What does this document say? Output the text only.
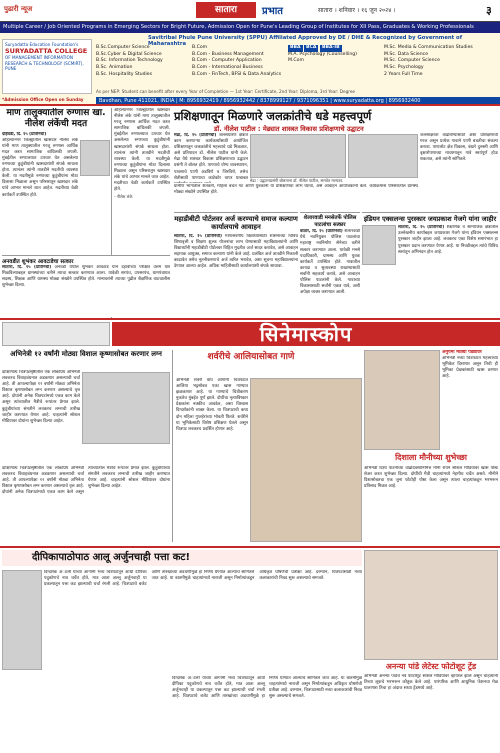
पुढारी न्यूज	सातारा	प्रभात	सातारा । शनिवार । १६ जून २०२४ ।	३
Multiple Career / Job Oriented Programs in Emerging Sectors for Bright Future, Admission Open for Pune's Leading Group of Institutes for XII Pass, Graduates & Working Professionals
Savitribai Phule Pune University (SPPU) Affiliated Approved by DE / DHE & Recognized by Government of Maharashtra
Suryadatta Education Foundation's
SURYADATTA COLLEGE
OF MANAGEMENT INFORMATION RESEARCH & TECHNOLOGY (SCMIRT), PUNE
B.Sc.Computer Science
B.Sc.Cyber & Digital Science
B.Sc. Information Technology
B.Sc. Animation
B.Sc. Hospitality Studies
B.Com
B.Com - Business Management
B.Com - Computer Application
B.Com - International Business
B.Com - FinTech, BFSI & Data Analytics
BBA BCA BBA-IB
M.A. Psychology (Counselling)
M.Com
M.Sc. Media & Communication Studies
M.Sc. Data Science
M.Sc. Computer Science
M.Sc. Psychology
2 Years Full Time
*Admission Office Open on Sunday
As per NEP: Student can benefit after every Year of Completion — 1st Year: Certificate, 2nd Year: Diploma, 3rd Year: Degree
Bavdhan, Pune 411021, INDIA | M: 8956932419 / 8956932442 / 8378999127 / 9371096351 | www.suryadatta.org | 8956932400
माण तालुक्यातील रुग्णास खा. नीलेश लंकेंची मदत
दहिवडी, दि. १५ (प्रतिनिधी)
अहिल्यानगर जिल्ह्यातील खासदार नीलेश लंके यांनी माण तालुक्यातील गरजू रुग्णास आर्थिक मदत करत सामाजिक बांधिलकी जपली. मुंबईतील रुग्णालयात उपचार घेत असलेल्या रुग्णाच्या कुटुंबीयांनी खासदारांशी संपर्क साधला होता. त्यानंतर त्यांनी तातडीने मदतीची व्यवस्था केली. या मदतीमुळे रुग्णाच्या कुटुंबीयांना मोठा दिलासा मिळाला असून परिसरातून खासदार लंके यांचे आभार मानले जात आहेत. मदतीच्या वेळी कार्यकर्ते उपस्थित होते.
अहिल्यानगर जिल्ह्यातील खासदार नीलेश लंके यांनी माण तालुक्यातील गरजू रुग्णास आर्थिक मदत करत सामाजिक बांधिलकी जपली. मुंबईतील रुग्णालयात उपचार घेत असलेल्या रुग्णाच्या कुटुंबीयांनी खासदारांशी संपर्क साधला होता. त्यानंतर त्यांनी तातडीने मदतीची व्यवस्था केली. या मदतीमुळे रुग्णाच्या कुटुंबीयांना मोठा दिलासा मिळाला असून परिसरातून खासदार लंके यांचे आभार मानले जात आहेत. मदतीच्या वेळी कार्यकर्ते उपस्थित होते.
- नीलेश लंके
अनवडीत शुभंकर आवटाडेचा सत्कार
सातारा, दि. १५ (प्रतिनिधी) अनवडी येथील शुभंकर आवटाडे याने दहावीच्या परीक्षेत उत्तम यश मिळविल्याबद्दल ग्रामस्थांच्या वतीने त्याचा सत्कार करण्यात आला. यावेळी सरपंच, उपसरपंच, ग्रामपंचायत सदस्य, शिक्षक आणि ग्रामस्थ मोठ्या संख्येने उपस्थित होते. मान्यवरांनी त्याच्या पुढील शैक्षणिक वाटचालीस शुभेच्छा दिल्या.
प्रशिक्षणातून मिळणारे जलक्रांतीचे धडे महत्त्वपूर्ण
डॉ. नीलेश पाटील : मेढ्यात शास्त्रत विकास प्रशिक्षणाचे उद्घाटन
मेढा, दि. १५ (प्रतिनिधी) जलसंधारण क्षेत्रात काम करणाऱ्या कार्यकर्त्यांसाठी आयोजित प्रशिक्षणातून जलक्रांतीचे महत्त्वाचे धडे मिळतात, असे प्रतिपादन डॉ. नीलेश पाटील यांनी केले. मेढा येथे शाश्वत विकास प्रशिक्षणाच्या उद्घाटन प्रसंगी ते बोलत होते. पाण्याचे योग्य व्यवस्थापन, पावसाचे पाणी अडविणे व जिरविणे, तसेच शेतीसाठी पाण्याचा काटेकोर वापर याबाबत मेढा : उद्घाटनप्रसंगी बोलताना डॉ. नीलेश पाटील, समवेत मान्यवर.
जलसाक्षरता वाढविण्यासाठी अशा प्रशिक्षणांची गरज असून प्रत्येक गावाने पाणी बचतीचा संकल्प करावा. पाणलोट क्षेत्र विकास, बंधारे दुरुस्ती आणि वृक्षारोपणाच्या माध्यमातून गावे स्वयंपूर्ण होऊ शकतात, असे त्यांनी सांगितले.
ग्रामीण भागातील शेतकरी, महिला बचत गट आणि युवकांनी या प्रशिक्षणाचा लाभ घ्यावा, असे आवाहन आयोजकांनी केले. कार्यक्रमास परिसरातील ग्रामस्थ मोठ्या संख्येने उपस्थित होते.
महाडीबीटी पोर्टलवर अर्ज करण्याचे समाज कल्याण कार्यालयाचे आवाहन
सातारा, दि. १५ (प्रतिनिधी) मागासवर्गीय विद्यार्थ्यांसाठी शासनाच्या विविध शिष्यवृत्ती व शिक्षण शुल्क योजनांचा लाभ घेण्यासाठी महाविद्यालयांनी आणि विद्यार्थ्यांनी महाडीबीटी पोर्टलवर विहित मुदतीत अर्ज सादर करावेत, असे आवाहन सहायक आयुक्त, समाज कल्याण यांनी केले आहे. प्रलंबित अर्ज तातडीने निकाली काढावेत तसेच नूतनीकरणाचे अर्ज त्वरित भरावेत, अशा सूचना महाविद्यालयांना देण्यात आल्या आहेत. अधिक माहितीसाठी कार्यालयाशी संपर्क साधावा.
शेलारवाडी मनसेतर्फे पोलिस पाटलांचा सत्कार
वाठार, दि. १५ (प्रतिनिधी) शेलारवाडी येथे नवनियुक्त पोलिस पाटलांचा महाराष्ट्र नवनिर्माण सेनेच्या वतीने सत्कार करण्यात आला. यावेळी मनसे पदाधिकारी, ग्रामस्थ आणि युवक कार्यकर्ते उपस्थित होते. गावातील कायदा व सुव्यवस्था राखण्यासाठी सर्वांनी सहकार्य करावे, असे आवाहन पोलिस पाटलांनी केले. गावाच्या विकासासाठी सर्वांनी एकत्र यावे, अशी अपेक्षा व्यक्त करण्यात आली.
इंडियन एक्सलन्स पुरस्कार जयप्रकाश गेजगे यांना जाहीर
सातारा, दि. १५ (प्रतिनिधी) शैक्षणिक व सामाजिक क्षेत्रातील उल्लेखनीय कार्याबद्दल जयप्रकाश गेजगे यांना इंडियन एक्सलन्स पुरस्कार जाहीर झाला आहे. लवकरच एका विशेष समारंभात हा पुरस्कार प्रदान करण्यात येणार आहे. या निवडीबद्दल त्यांचे विविध स्तरांतून अभिनंदन होत आहे.
सिनेमास्कोप
अभिनेत्री १२ वर्षांनी मोठ्या विशाल कृष्णासोबत करणार लग्न
दाक्षिणात्य चित्रपटसृष्टीतील एक लोकप्रिय अभिनेत्री लवकरच विवाहबंधनात अडकणार असल्याची चर्चा आहे. ती आपल्यापेक्षा १२ वर्षांनी मोठ्या अभिनेता विशाल कृष्णासोबत लग्न करणार असल्याचे वृत्त आहे. दोघांनी अनेक चित्रपटांमध्ये एकत्र काम केले असून त्यांच्यातील मैत्रीचे रूपांतर प्रेमात झाले. कुटुंबीयांच्या संमतीने लवकरच लग्नाची तारीख जाहीर करण्यात येणार आहे. चाहत्यांनी सोशल मीडियावर दोघांना शुभेच्छा दिल्या आहेत.
दाक्षिणात्य चित्रपटसृष्टीतील एक लोकप्रिय अभिनेत्री लवकरच विवाहबंधनात अडकणार असल्याची चर्चा आहे. ती आपल्यापेक्षा १२ वर्षांनी मोठ्या अभिनेता विशाल कृष्णासोबत लग्न करणार असल्याचे वृत्त आहे. दोघांनी अनेक चित्रपटांमध्ये एकत्र काम केले असून त्यांच्यातील मैत्रीचे रूपांतर प्रेमात झाले. कुटुंबीयांच्या संमतीने लवकरच लग्नाची तारीख जाहीर करण्यात येणार आहे. चाहत्यांनी सोशल मीडियावर दोघांना शुभेच्छा दिल्या आहेत.
शर्वरीचे आलियासोबत गाणे
अभिनेत्री शर्वरी वाघ आगामी चित्रपटात आलिया भट्टसोबत एका खास गाण्यात झळकणार आहे. या गाण्याचे चित्रीकरण नुकतेच मुंबईत पूर्ण झाले. दोघींचा नृत्याविष्कार प्रेक्षकांना नक्कीच आवडेल, असा विश्वास दिग्दर्शकांनी व्यक्त केला. या चित्रपटाची कथा दोन महिला गुप्तहेरांच्या भोवती फिरते. शर्वरीने या भूमिकेसाठी विशेष प्रशिक्षण घेतले असून चित्रपट लवकरच प्रदर्शित होणार आहे.
अनुपमा मोठ्या पडद्यावर
अभिनेत्री नव्या चित्रपटात महत्त्वाच्या भूमिकेत दिसणार असून तिची ही भूमिका प्रेक्षकांसाठी खास ठरणार आहे.
दिशाला मौनीच्या शुभेच्छा
अभिनेत्री दिशा पाटनीच्या वाढदिवसानिमित्त मौनी रॉयने सोशल मीडियावर खास पोस्ट शेअर करत शुभेच्छा दिल्या. दोघींची मैत्री चाहत्यांमध्ये नेहमीच चर्चेत असते. मौनीने दिशासोबतचा एक जुना फोटोही पोस्ट केला असून त्याला चाहत्यांकडून भरभरून प्रतिसाद मिळत आहे.
दीपिकापाठोपाठ आलू अर्जुनचाही पत्ता कट!
दिग्दर्शक अॅटली यांच्या आगामी भव्य चित्रपटातून आधी दीपिका पदुकोणचे नाव चर्चेत होते, मात्र आता अल्लू अर्जुनचाही या प्रकल्पातून पत्ता कट झाल्याची चर्चा रंगली आहे. चित्रपटाचे बजेट आणि तारखांच्या अडचणींमुळे हा निर्णय घेण्यात आल्याचे सांगितले जात आहे. या बातमीमुळे चाहत्यांमध्ये नाराजी असून निर्मात्यांकडून अधिकृत घोषणेची प्रतीक्षा आहे. दरम्यान, चित्रपटासाठी नव्या कलाकारांची निवड सुरू असल्याचे समजते.
अनन्या पांडे लेटेस्ट फोटोशूट ट्रेंड
अभिनेत्री अनन्या पांडेचे नवे फोटोशूट सोशल मीडियावर व्हायरल झाले असून चाहत्यांनी तिच्या लूकचे भरभरून कौतुक केले आहे. पारंपरिक आणि आधुनिक फॅशनचा मेळ घालणारा तिचा हा अंदाज सध्या ट्रेंडमध्ये आहे.
दिग्दर्शक अॅटली यांच्या आगामी भव्य चित्रपटातून आधी दीपिका पदुकोणचे नाव चर्चेत होते, मात्र आता अल्लू अर्जुनचाही या प्रकल्पातून पत्ता कट झाल्याची चर्चा रंगली आहे. चित्रपटाचे बजेट आणि तारखांच्या अडचणींमुळे हा निर्णय घेण्यात आल्याचे सांगितले जात आहे. या बातमीमुळे चाहत्यांमध्ये नाराजी असून निर्मात्यांकडून अधिकृत घोषणेची प्रतीक्षा आहे. दरम्यान, चित्रपटासाठी नव्या कलाकारांची निवड सुरू असल्याचे समजते.
